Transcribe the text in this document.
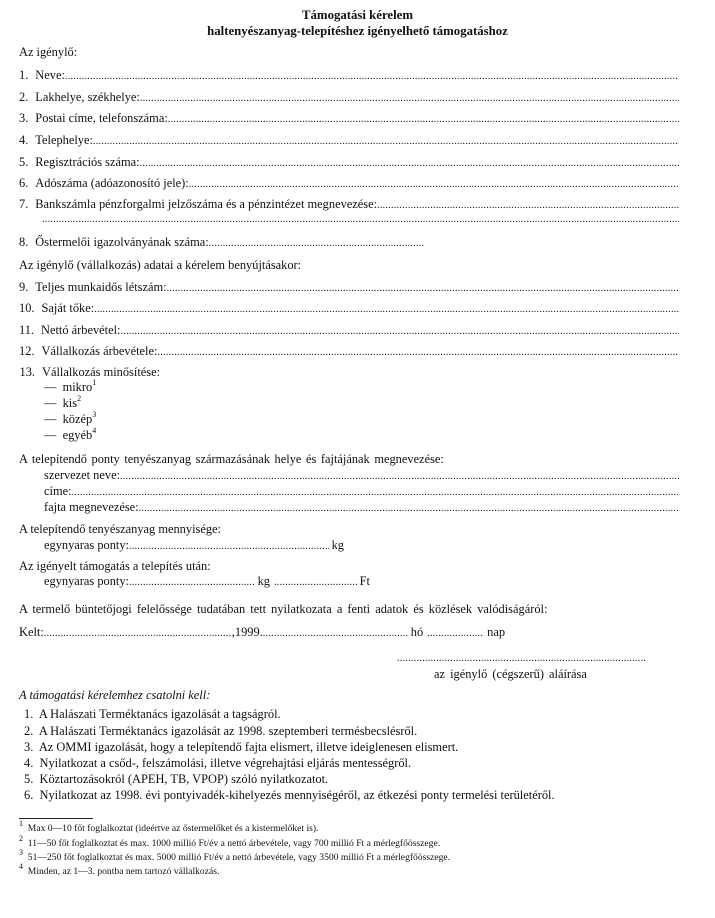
Támogatási kérelem
haltenyészanyag-telepítéshez igényelhető támogatáshoz
Az igénylő:
1. Neve:
.....
2. Lakhelye, székhelye:
.....
3. Postai címe, telefonszáma:
.....
4. Telephelye:
.....
5. Regisztrációs száma:
.....
6. Adószáma (adóazonosító jele):
.....
7. Bankszámla pénzforgalmi jelzőszáma és a pénzintézet megnevezése:
.....
.....
8. Őstermelői igazolványának száma:
.....
Az igénylő (vállalkozás) adatai a kérelem benyújtásakor:
9. Teljes munkaidős létszám:
.....
10. Saját tőke:
.....
11. Nettó árbevétel:
.....
12. Vállalkozás árbevétele:
.....
13. Vállalkozás minősítése:
—  mikro$^1$
—  kis$^2$
—  közép$^3$
—  egyéb$^4$
A telepítendő ponty tenyészanyag származásának helye és fajtájának megnevezése:
szervezet neve:
.....
címe:
.....
fajta megnevezése:
.....
A telepítendő tenyészanyag mennyisége:
egynyaras ponty: .....	kg
Az igényelt támogatás a telepítés után:
egynyaras ponty: .....	kg .....	Ft
A termelő büntetőjogi felelőssége tudatában tett nyilatkozata a fenti adatok és közlések valódiságáról:
Kelt: .....	,1999. .....	hó .....	nap
.....
az igénylő (cégszerű) aláírása
A támogatási kérelemhez csatolni kell:
1. A Halászati Terméktanács igazolását a tagságról.
2. A Halászati Terméktanács igazolását az 1998. szeptemberi termésbecslésről.
3. Az OMMI igazolását, hogy a telepítendő fajta elismert, illetve ideiglenesen elismert.
4. Nyilatkozat a csőd-, felszámolási, illetve végrehajtási eljárás mentességről.
5. Köztartozásokról (APEH, TB, VPOP) szóló nyilatkozatot.
6. Nyilatkozat az 1998. évi pontyivadék-kihelyezés mennyiségéről, az étkezési ponty termelési területéről.
$^1$ Max 0—10 főt foglalkoztat (ideértve az őstermelőket és a kistermelőket is).
$^2$ 11—50 főt foglalkoztat és max. 1000 millió Ft/év a nettó árbevétele, vagy 700 millió Ft a mérlegfőösszege.
$^3$ 51—250 főt foglalkoztat és max. 5000 millió Ft/év a nettó árbevétele, vagy 3500 millió Ft a mérlegfőösszege.
$^4$ Minden, az 1—3. pontba nem tartozó vállalkozás.
